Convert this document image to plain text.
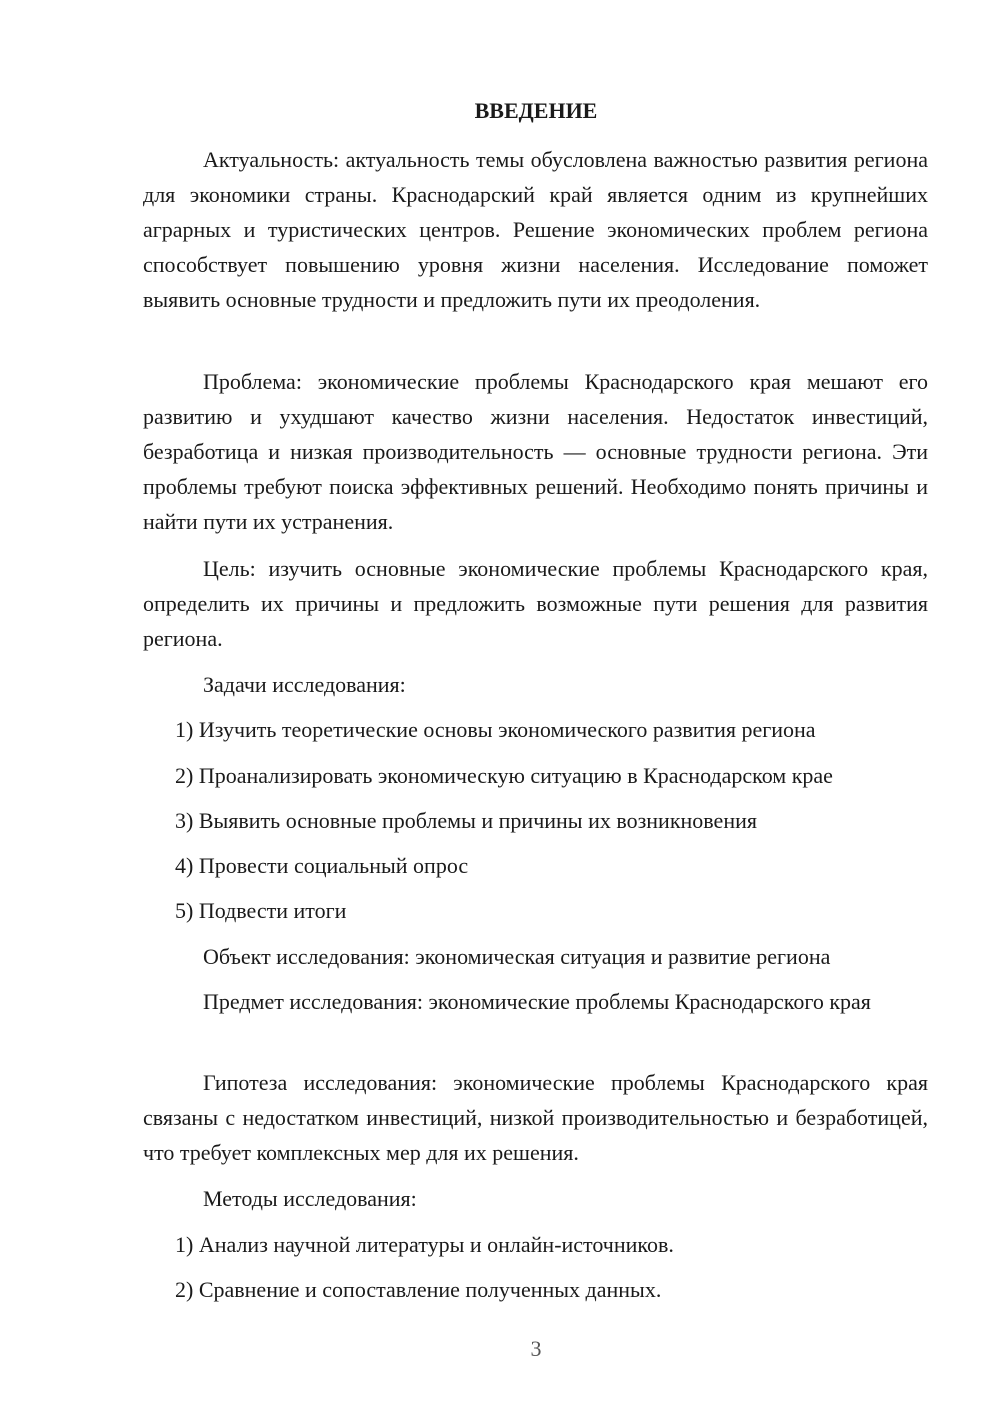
ВВЕДЕНИЕ

Актуальность: актуальность темы обусловлена важностью развития региона для экономики страны. Краснодарский край является одним из крупнейших аграрных и туристических центров. Решение экономических проблем региона способствует повышению уровня жизни населения. Исследование поможет выявить основные трудности и предложить пути их преодоления.

Проблема: экономические проблемы Краснодарского края мешают его развитию и ухудшают качество жизни населения. Недостаток инвестиций, безработица и низкая производительность — основные трудности региона. Эти проблемы требуют поиска эффективных решений. Необходимо понять причины и найти пути их устранения.

Цель: изучить основные экономические проблемы Краснодарского края, определить их причины и предложить возможные пути решения для развития региона.

Задачи исследования:

1) Изучить теоретические основы экономического развития региона

2) Проанализировать экономическую ситуацию в Краснодарском крае

3) Выявить основные проблемы и причины их возникновения

4) Провести социальный опрос

5) Подвести итоги

Объект исследования: экономическая ситуация и развитие региона

Предмет исследования: экономические проблемы Краснодарского края

Гипотеза исследования: экономические проблемы Краснодарского края связаны с недостатком инвестиций, низкой производительностью и безработицей, что требует комплексных мер для их решения.

Методы исследования:

1) Анализ научной литературы и онлайн-источников.

2) Сравнение и сопоставление полученных данных.

3
